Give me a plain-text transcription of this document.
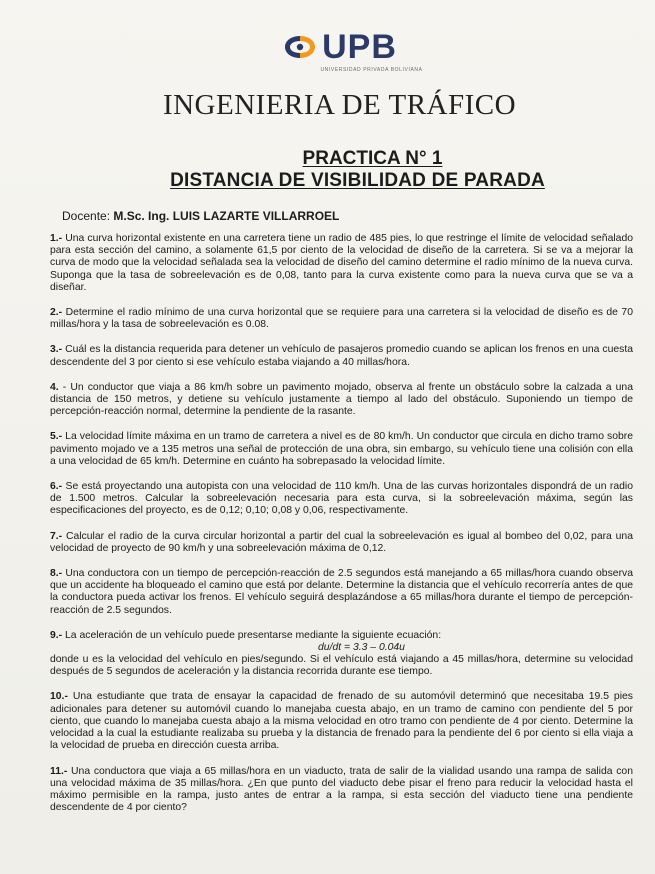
UPB
UNIVERSIDAD PRIVADA BOLIVIANA
INGENIERIA DE TRÁFICO
PRACTICA N° 1
DISTANCIA DE VISIBILIDAD DE PARADA
Docente: M.Sc. Ing. LUIS LAZARTE VILLARROEL

1.- Una curva horizontal existente en una carretera tiene un radio de 485 pies, lo que restringe el límite de velocidad señalado para esta sección del camino, a solamente 61,5 por ciento de la velocidad de diseño de la carretera. Si se va a mejorar la curva de modo que la velocidad señalada sea la velocidad de diseño del camino determine el radio mínimo de la nueva curva. Suponga que la tasa de sobreelevación es de 0,08, tanto para la curva existente como para la nueva curva que se va a diseñar.

2.- Determine el radio mínimo de una curva horizontal que se requiere para una carretera si la velocidad de diseño es de 70 millas/hora y la tasa de sobreelevación es 0.08.

3.- Cuál es la distancia requerida para detener un vehículo de pasajeros promedio cuando se aplican los frenos en una cuesta descendente del 3 por ciento si ese vehículo estaba viajando a 40 millas/hora.

4. - Un conductor que viaja a 86 km/h sobre un pavimento mojado, observa al frente un obstáculo sobre la calzada a una distancia de 150 metros, y detiene su vehículo justamente a tiempo al lado del obstáculo. Suponiendo un tiempo de percepción-reacción normal, determine la pendiente de la rasante.

5.- La velocidad límite máxima en un tramo de carretera a nivel es de 80 km/h. Un conductor que circula en dicho tramo sobre pavimento mojado ve a 135 metros una señal de protección de una obra, sin embargo, su vehículo tiene una colisión con ella a una velocidad de 65 km/h. Determine en cuánto ha sobrepasado la velocidad límite.

6.- Se está proyectando una autopista con una velocidad de 110 km/h. Una de las curvas horizontales dispondrá de un radio de 1.500 metros. Calcular la sobreelevación necesaria para esta curva, si la sobreelevación máxima, según las especificaciones del proyecto, es de 0,12; 0,10; 0,08 y 0,06, respectivamente.

7.- Calcular el radio de la curva circular horizontal a partir del cual la sobreelevación es igual al bombeo del 0,02, para una velocidad de proyecto de 90 km/h y una sobreelevación máxima de 0,12.

8.- Una conductora con un tiempo de percepción-reacción de 2.5 segundos está manejando a 65 millas/hora cuando observa que un accidente ha bloqueado el camino que está por delante. Determine la distancia que el vehículo recorrería antes de que la conductora pueda activar los frenos. El vehículo seguirá desplazándose a 65 millas/hora durante el tiempo de percepción-reacción de 2.5 segundos.

9.- La aceleración de un vehículo puede presentarse mediante la siguiente ecuación:

du/dt = 3.3 – 0.04u
donde u es la velocidad del vehículo en pies/segundo. Si el vehículo está viajando a 45 millas/hora, determine su velocidad después de 5 segundos de aceleración y la distancia recorrida durante ese tiempo.

10.- Una estudiante que trata de ensayar la capacidad de frenado de su automóvil determinó que necesitaba 19.5 pies adicionales para detener su automóvil cuando lo manejaba cuesta abajo, en un tramo de camino con pendiente del 5 por ciento, que cuando lo manejaba cuesta abajo a la misma velocidad en otro tramo con pendiente de 4 por ciento. Determine la velocidad a la cual la estudiante realizaba su prueba y la distancia de frenado para la pendiente del 6 por ciento si ella viaja a la velocidad de prueba en dirección cuesta arriba.

11.- Una conductora que viaja a 65 millas/hora en un viaducto, trata de salir de la vialidad usando una rampa de salida con una velocidad máxima de 35 millas/hora. ¿En que punto del viaducto debe pisar el freno para reducir la velocidad hasta el máximo permisible en la rampa, justo antes de entrar a la rampa, si esta sección del viaducto tiene una pendiente descendente de 4 por ciento?
